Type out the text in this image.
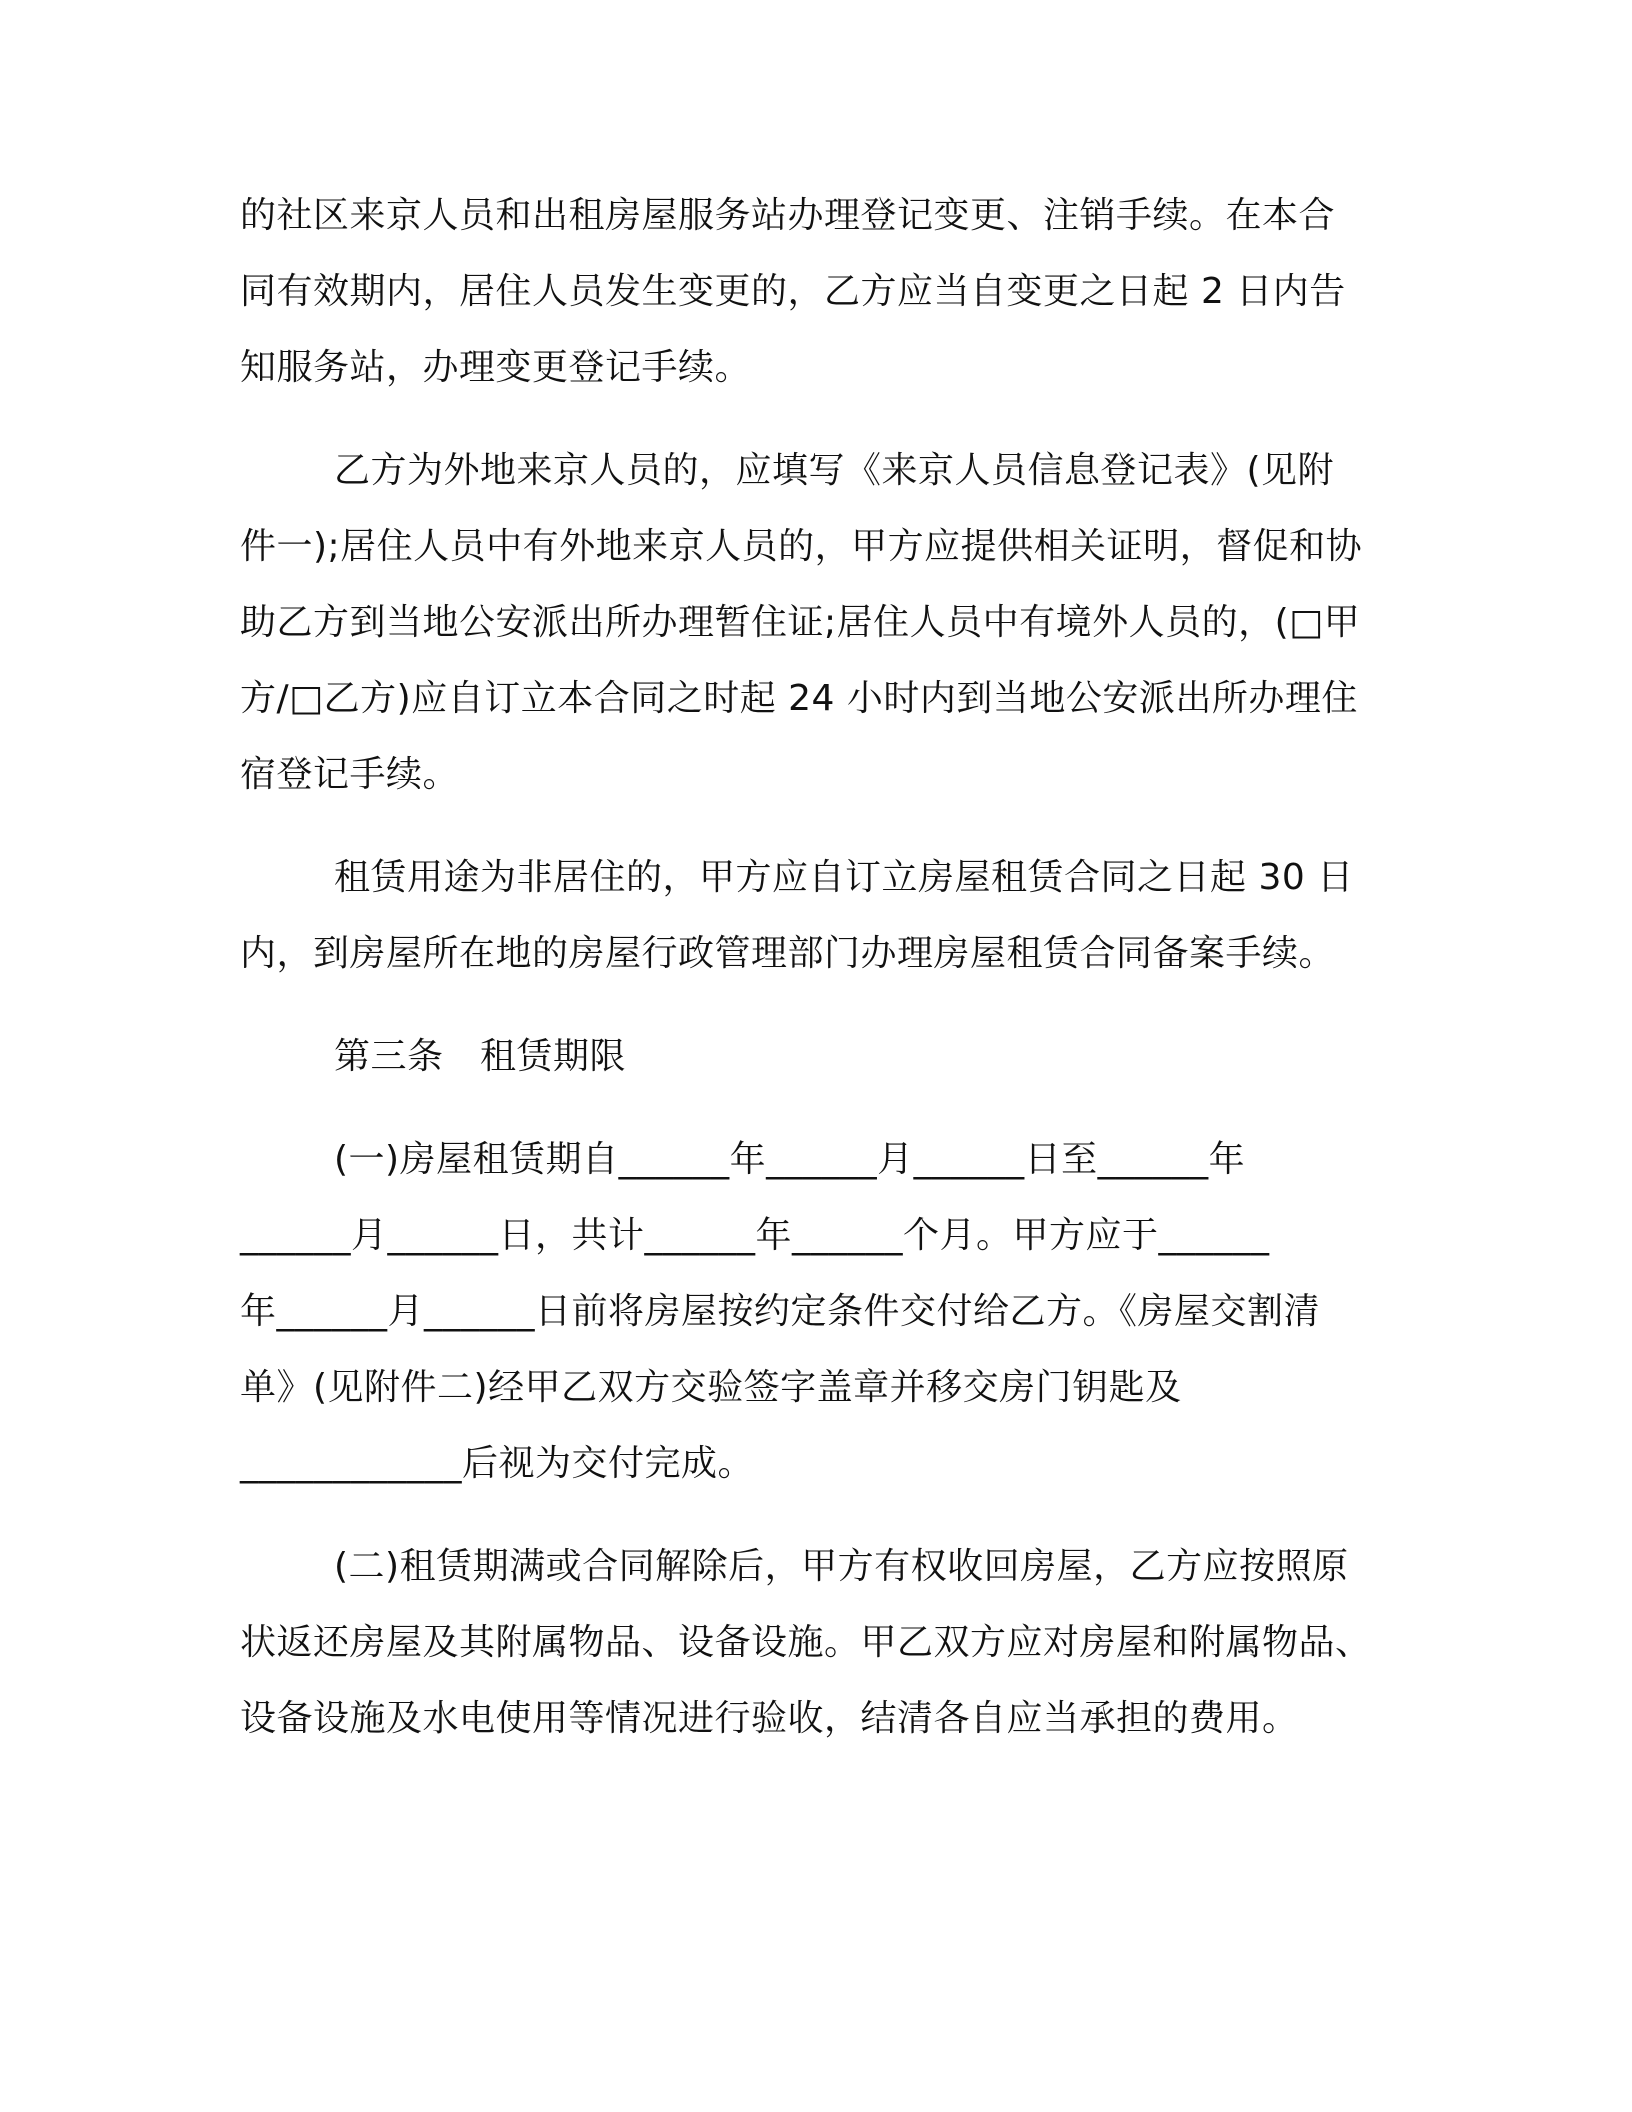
的社区来京人员和出租房屋服务站办理登记变更、注销手续。在本合
同有效期内，居住人员发生变更的，乙方应当自变更之日起 2 日内告
知服务站，办理变更登记手续。
乙方为外地来京人员的，应填写《来京人员信息登记表》(见附
件一);居住人员中有外地来京人员的，甲方应提供相关证明，督促和协
助乙方到当地公安派出所办理暂住证;居住人员中有境外人员的，(□甲
方/□乙方)应自订立本合同之时起 24 小时内到当地公安派出所办理住
宿登记手续。
租赁用途为非居住的，甲方应自订立房屋租赁合同之日起 30 日
内，到房屋所在地的房屋行政管理部门办理房屋租赁合同备案手续。
第三条　租赁期限
(一)房屋租赁期自______年______月______日至______年
______月______日，共计______年______个月。甲方应于______
年______月______日前将房屋按约定条件交付给乙方。《房屋交割清
单》(见附件二)经甲乙双方交验签字盖章并移交房门钥匙及
____________后视为交付完成。
(二)租赁期满或合同解除后，甲方有权收回房屋，乙方应按照原
状返还房屋及其附属物品、设备设施。甲乙双方应对房屋和附属物品、
设备设施及水电使用等情况进行验收，结清各自应当承担的费用。
